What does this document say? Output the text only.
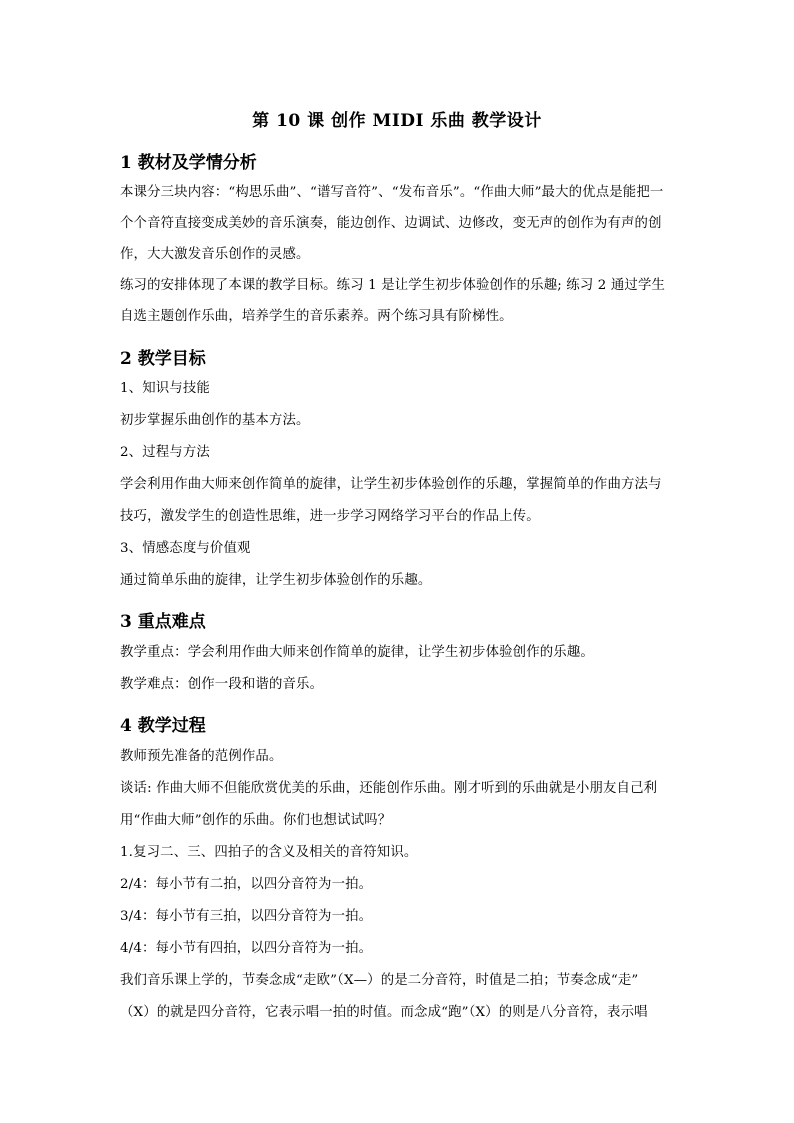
第 10 课 创作 MIDI 乐曲 教学设计
1 教材及学情分析
本课分三块内容：“构思乐曲”、“谱写音符”、“发布音乐”。“作曲大师”最大的优点是能把一
个个音符直接变成美妙的音乐演奏，能边创作、边调试、边修改，变无声的创作为有声的创
作，大大激发音乐创作的灵感。
练习的安排体现了本课的教学目标。练习 1 是让学生初步体验创作的乐趣; 练习 2 通过学生
自选主题创作乐曲，培养学生的音乐素养。两个练习具有阶梯性。
2 教学目标
1、知识与技能
初步掌握乐曲创作的基本方法。
2、过程与方法
学会利用作曲大师来创作简单的旋律，让学生初步体验创作的乐趣，掌握简单的作曲方法与
技巧，激发学生的创造性思维，进一步学习网络学习平台的作品上传。
3、情感态度与价值观
通过简单乐曲的旋律，让学生初步体验创作的乐趣。
3 重点难点
教学重点：学会利用作曲大师来创作简单的旋律，让学生初步体验创作的乐趣。
教学难点：创作一段和谐的音乐。
4 教学过程
教师预先准备的范例作品。
谈话: 作曲大师不但能欣赏优美的乐曲，还能创作乐曲。刚才听到的乐曲就是小朋友自己利
用“作曲大师”创作的乐曲。你们也想试试吗？
1.复习二、三、四拍子的含义及相关的音符知识。
2/4：每小节有二拍，以四分音符为一拍。
3/4：每小节有三拍，以四分音符为一拍。
4/4：每小节有四拍，以四分音符为一拍。
我们音乐课上学的，节奏念成“走欧”（X—）的是二分音符，时值是二拍；节奏念成“走”
（X）的就是四分音符，它表示唱一拍的时值。而念成“跑”（X）的则是八分音符，表示唱
